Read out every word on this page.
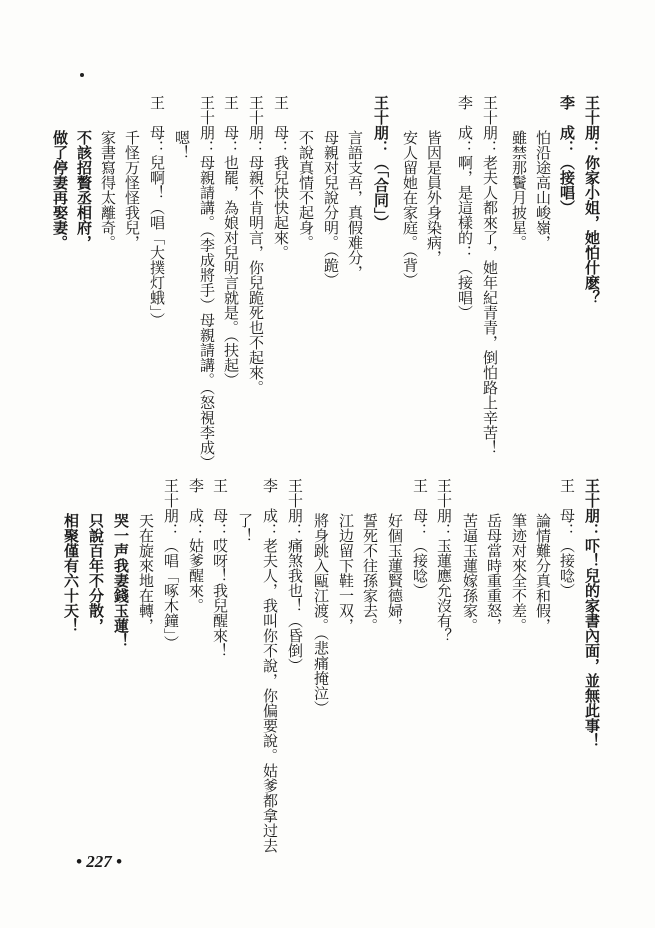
王十朋：你家小姐，她怕什麽？
李　成：（接唱）
怕沿途高山峻嶺，
雖禁那鬢月披星。
王十朋：老夫人都來了，她年紀青青，倒怕路上辛苦！
李　成：啊，是這樣的：（接唱）
皆因是員外身染病，
安人留她在家庭。（背）
王十朋：（「合同」）
言語支吾，真假难分，
母親对兒說分明。（跪）
不說真情不起身。
王　母：我兒快快起來。
王十朋：母親不肯明言，你兒跪死也不起來。
王　母：也罷，為娘对兒明言就是。（扶起）
王十朋：母親請講。（李成將手）母親請講。（怒視李成）
嗯！
王　母：兒啊！（唱「大撲灯蛾」）
千怪万怪怪我兒，
家書寫得太離奇。
不該招贅丞相府，
做了停妻再娶妻。
王十朋：吓！兒的家書內面，並無此事！
王　母：（接唸）
論情難分真和假，
筆迹对來全不差。
岳母當時重重怒，
苦逼玉蓮嫁孫家。
王十朋：玉蓮應允沒有？
王　母：（接唸）
好個玉蓮賢德婦，
誓死不往孫家去。
江边留下鞋一双，
將身跳入甌江渡。（悲痛掩泣）
王十朋：痛煞我也！（昏倒）
李　成：老夫人，我叫你不說，你偏要說。姑爹都拿过去
了！
王　母：哎呀！我兒醒來！
李　成：姑爹醒來。
王十朋：（唱「啄木鐘」）
天在旋來地在轉，
哭一声我妻錢玉蓮！
只說百年不分散，
相聚僅有六十天！
• 227 •
